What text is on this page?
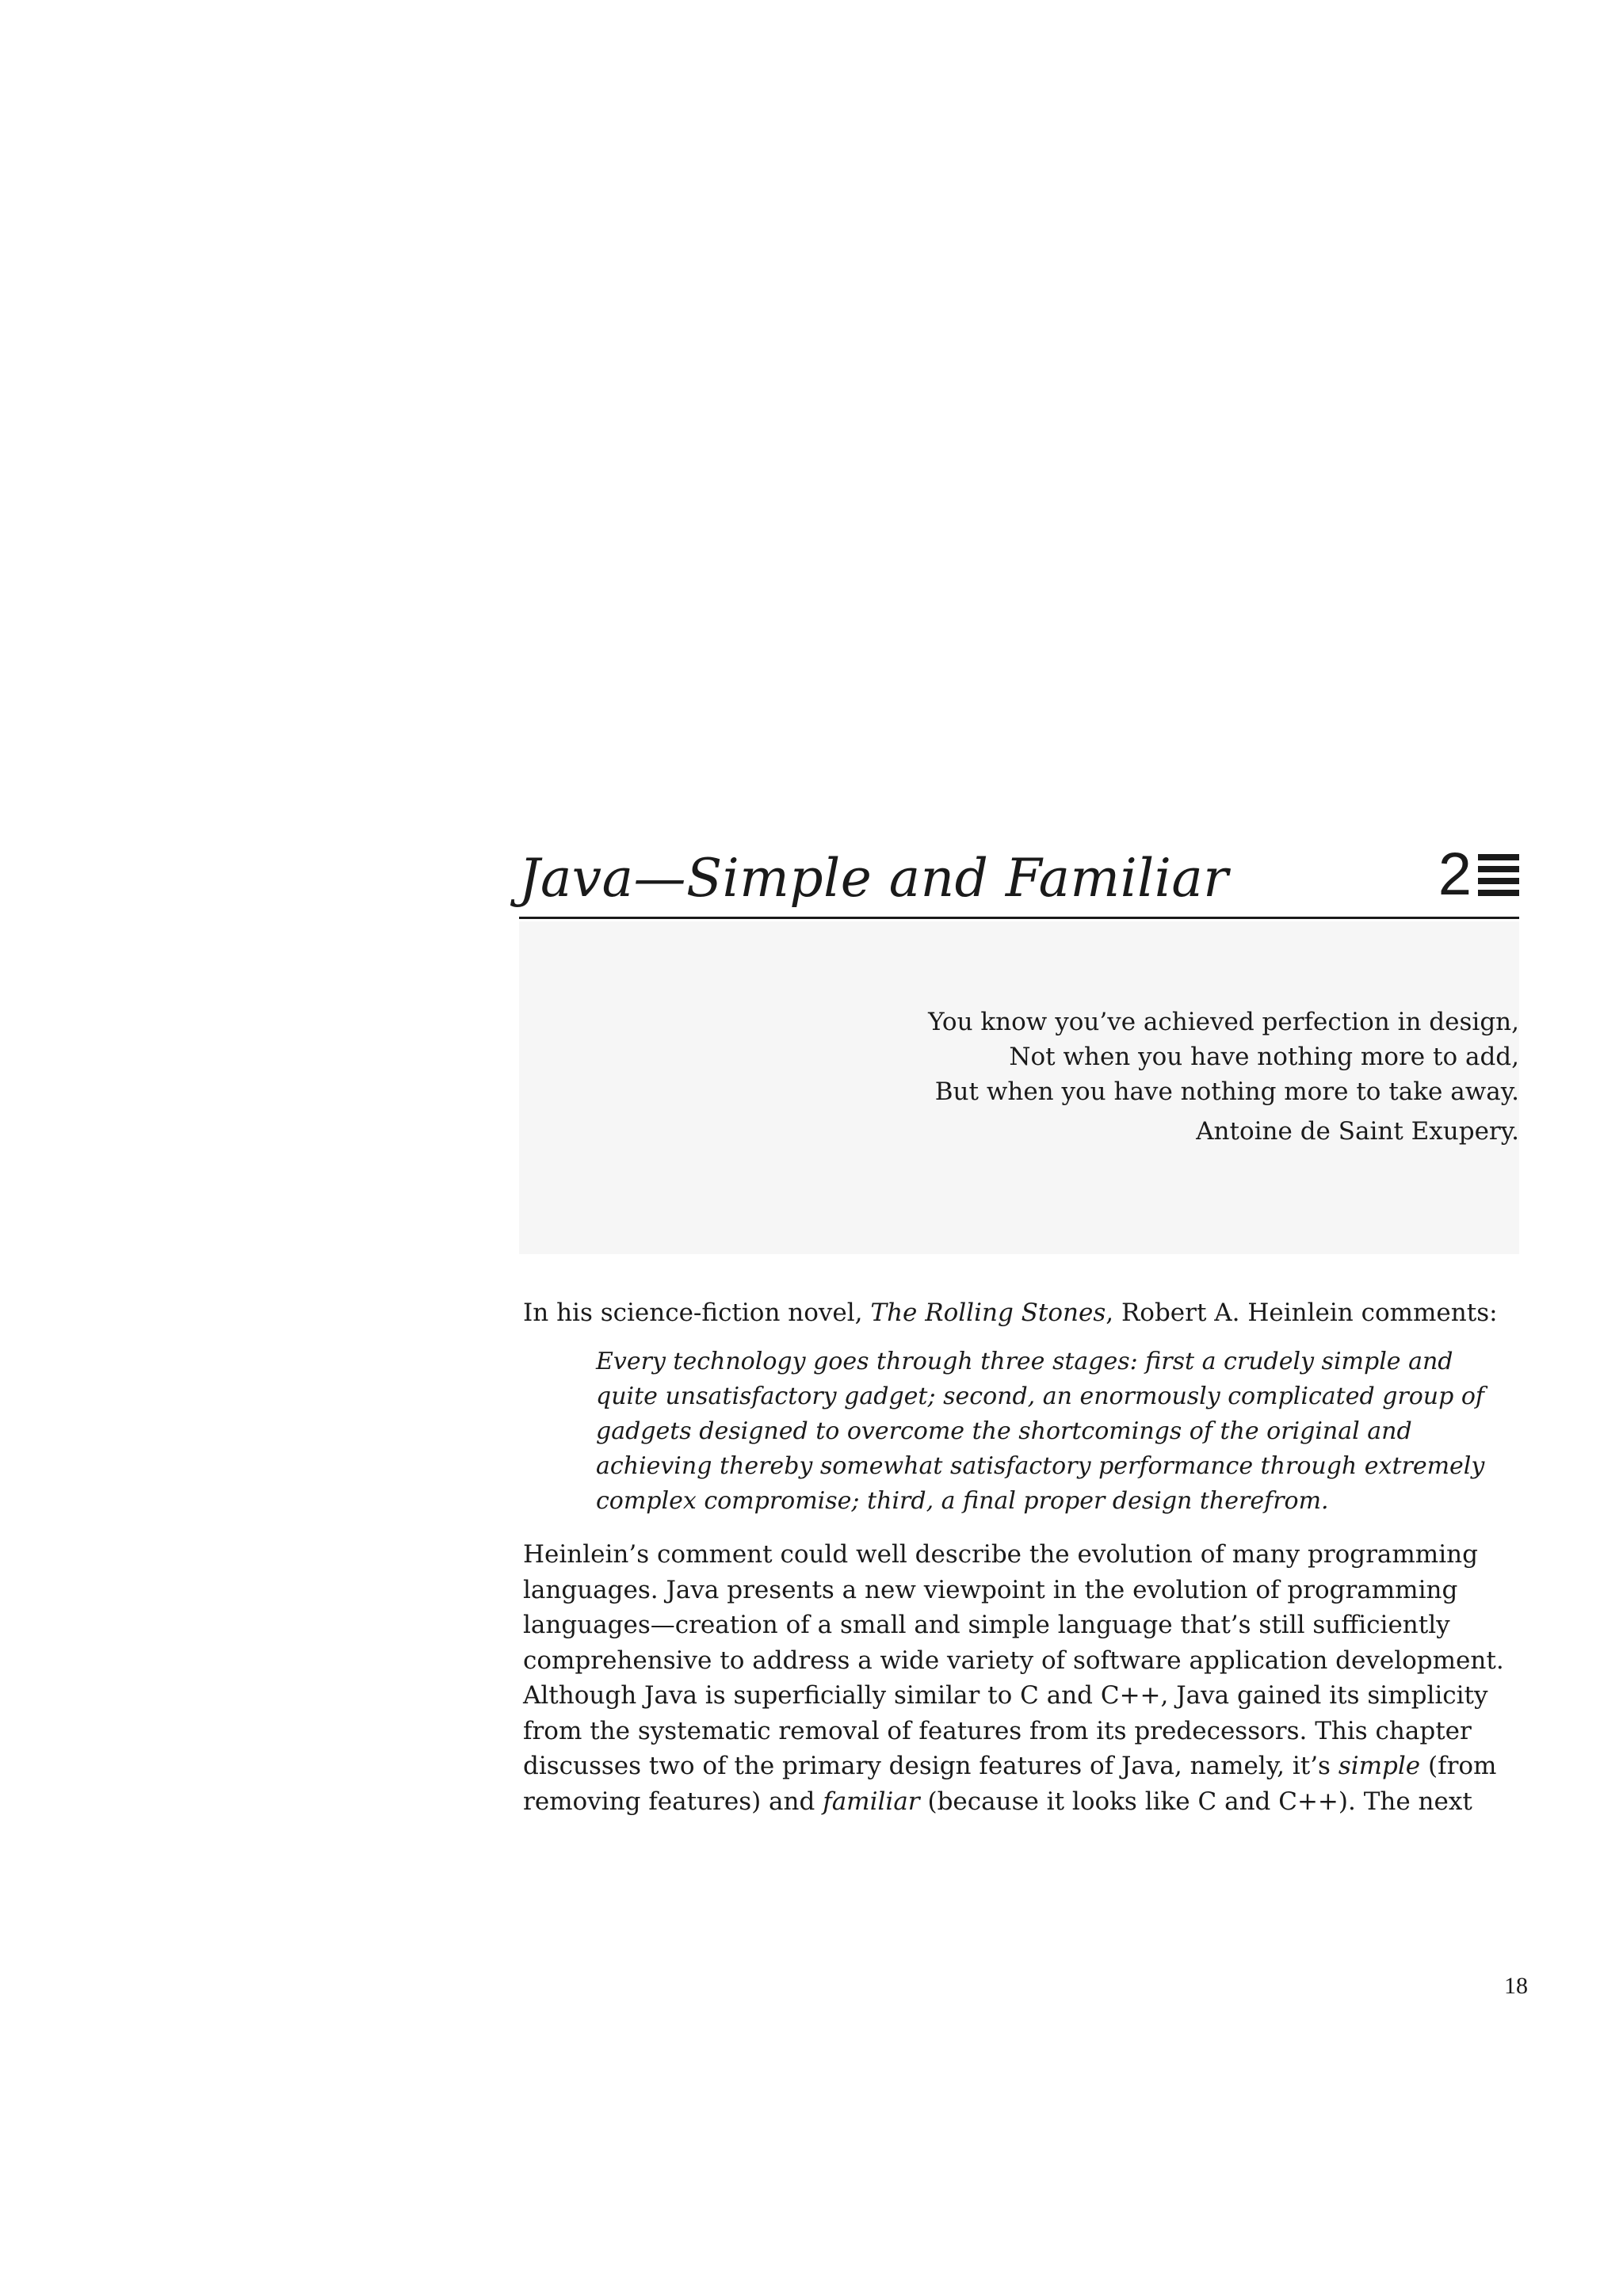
Java—Simple and Familiar	2
You know you’ve achieved perfection in design,
Not when you have nothing more to add,
But when you have nothing more to take away.
Antoine de Saint Exupery.
In his science-fiction novel, The Rolling Stones, Robert A. Heinlein comments:
Every technology goes through three stages: first a crudely simple and
quite unsatisfactory gadget; second, an enormously complicated group of
gadgets designed to overcome the shortcomings of the original and
achieving thereby somewhat satisfactory performance through extremely
complex compromise; third, a final proper design therefrom.
Heinlein’s comment could well describe the evolution of many programming
languages. Java presents a new viewpoint in the evolution of programming
languages—creation of a small and simple language that’s still sufficiently
comprehensive to address a wide variety of software application development.
Although Java is superficially similar to C and C++, Java gained its simplicity
from the systematic removal of features from its predecessors. This chapter
discusses two of the primary design features of Java, namely, it’s simple (from
removing features) and familiar (because it looks like C and C++). The next
18
